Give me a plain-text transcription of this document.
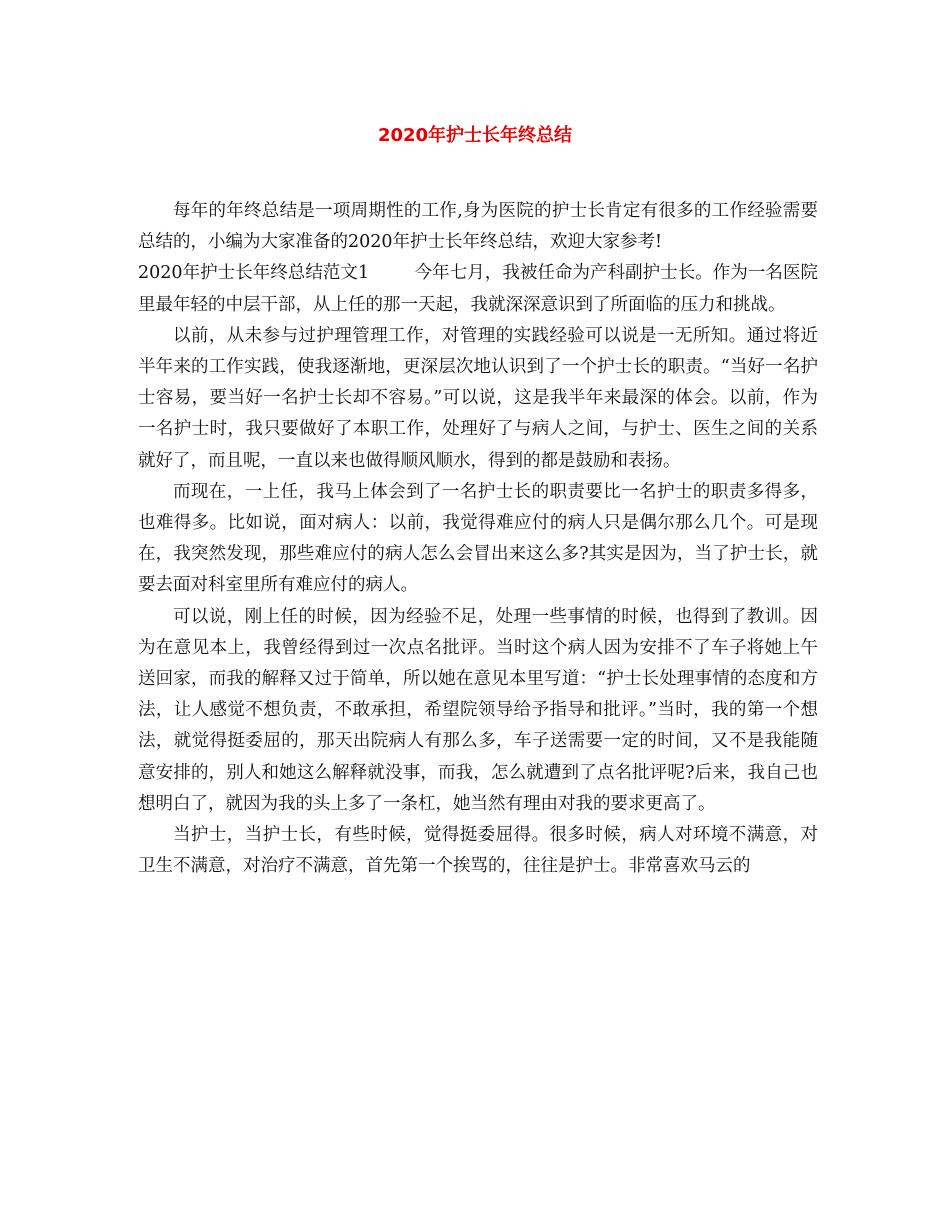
2020年护士长年终总结

每年的年终总结是一项周期性的工作,身为医院的护士长肯定有很多的工作经验需要总结的，小编为大家准备的2020年护士长年终总结，欢迎大家参考!

2020年护士长年终总结范文1	今年七月，我被任命为产科副护士长。作为一名医院里最年轻的中层干部，从上任的那一天起，我就深深意识到了所面临的压力和挑战。

以前，从未参与过护理管理工作，对管理的实践经验可以说是一无所知。通过将近半年来的工作实践，使我逐渐地，更深层次地认识到了一个护士长的职责。“当好一名护士容易，要当好一名护士长却不容易。”可以说，这是我半年来最深的体会。以前，作为一名护士时，我只要做好了本职工作，处理好了与病人之间，与护士、医生之间的关系就好了，而且呢，一直以来也做得顺风顺水，得到的都是鼓励和表扬。

而现在，一上任，我马上体会到了一名护士长的职责要比一名护士的职责多得多，也难得多。比如说，面对病人：以前，我觉得难应付的病人只是偶尔那么几个。可是现在，我突然发现，那些难应付的病人怎么会冒出来这么多?其实是因为，当了护士长，就要去面对科室里所有难应付的病人。

可以说，刚上任的时候，因为经验不足，处理一些事情的时候，也得到了教训。因为在意见本上，我曾经得到过一次点名批评。当时这个病人因为安排不了车子将她上午送回家，而我的解释又过于简单，所以她在意见本里写道：“护士长处理事情的态度和方法，让人感觉不想负责，不敢承担，希望院领导给予指导和批评。”当时，我的第一个想法，就觉得挺委屈的，那天出院病人有那么多，车子送需要一定的时间，又不是我能随意安排的，别人和她这么解释就没事，而我，怎么就遭到了点名批评呢?后来，我自己也想明白了，就因为我的头上多了一条杠，她当然有理由对我的要求更高了。

当护士，当护士长，有些时候，觉得挺委屈得。很多时候，病人对环境不满意，对卫生不满意，对治疗不满意，首先第一个挨骂的，往往是护士。非常喜欢马云的
